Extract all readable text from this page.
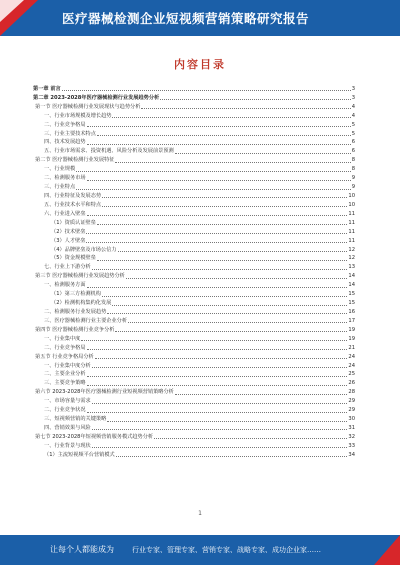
医疗器械检测企业短视频营销策略研究报告
内容目录
第一章 前言	3
第二章 2023-2028年医疗器械检测行业发展趋势分析	3
第一节 医疗器械检测行业发展现状与趋势分析	4
一、行业市场规模及增长趋势	4
二、行业竞争格局	5
三、行业主要技术特点	5
四、技术发展趋势	6
五、行业市场需求、投资机遇、风险分析及发展前景预测	6
第二节 医疗器械检测行业发展特征	8
一、行业规模	8
二、检测服务市场	9
三、行业特点	9
四、行业特征及发展态势	10
五、行业技术水平和特点	10
六、行业进入壁垒	11
（1）资质认证壁垒	11
（2）技术壁垒	11
（3）人才壁垒	11
（4）品牌壁垒及市场公信力	12
（5）资金规模壁垒	12
七、行业上下游分析	13
第三节 医疗器械检测行业发展趋势分析	14
一、检测服务方面	14
（1）第三方检测机构	15
（2）检测机构集约化发展	15
二、检测服务行业发展趋势	16
三、医疗器械检测行业主要企业分析	17
第四节 医疗器械检测行业竞争分析	19
一、行业集中度	19
二、行业竞争格局	21
第五节 行业竞争格局分析	24
一、行业集中度分析	24
二、主要企业分析	25
三、主要竞争策略	26
第六节 2023-2028年医疗器械检测行业短视频营销策略分析	28
一、市场容量与需求	29
二、行业竞争状况	29
三、短视频营销的关键策略	30
四、营销效果与风险	31
第七节 2023-2028年短视频营销服务模式趋势分析	32
一、行业背景与现状	33
（1）主流短视频平台营销模式	34
1
让每个人都能成为	行业专家、管理专家、营销专家、战略专家、成功企业家……
